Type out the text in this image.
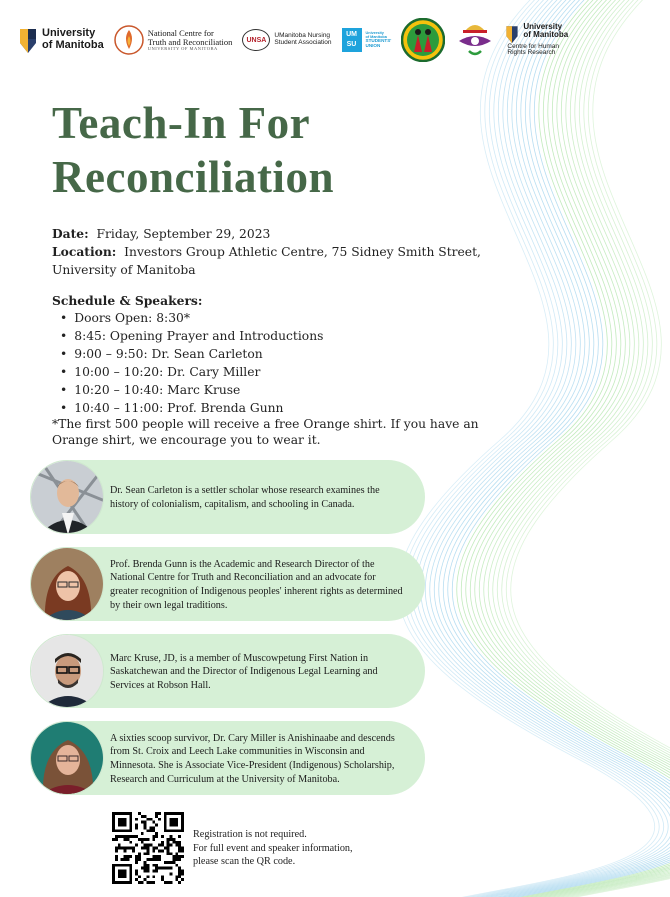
University
of Manitoba
National Centre for
Truth and Reconciliation
UNIVERSITY OF MANITOBA
UNSA
UManitoba Nursing
Student Association
UM
SU
University
of Manitoba
STUDENTS'
UNION
University
of Manitoba
Centre for Human
Rights Research
Teach-In For
Reconciliation
Date: Friday, September 29, 2023
Location: Investors Group Athletic Centre, 75 Sidney Smith Street, University of Manitoba
Schedule & Speakers:
• Doors Open: 8:30*
• 8:45: Opening Prayer and Introductions
• 9:00 – 9:50: Dr. Sean Carleton
• 10:00 – 10:20: Dr. Cary Miller
• 10:20 – 10:40: Marc Kruse
• 10:40 – 11:00: Prof. Brenda Gunn
*The first 500 people will receive a free Orange shirt. If you have an Orange shirt, we encourage you to wear it.
Dr. Sean Carleton is a settler scholar whose research examines the history of colonialism, capitalism, and schooling in Canada.
Prof. Brenda Gunn is the Academic and Research Director of the National Centre for Truth and Reconciliation and an advocate for greater recognition of Indigenous peoples' inherent rights as determined by their own legal traditions.
Marc Kruse, JD, is a member of Muscowpetung First Nation in Saskatchewan and the Director of Indigenous Legal Learning and Services at Robson Hall.
A sixties scoop survivor, Dr. Cary Miller is Anishinaabe and descends from St. Croix and Leech Lake communities in Wisconsin and Minnesota. She is Associate Vice-President (Indigenous) Scholarship, Research and Curriculum at the University of Manitoba.
Registration is not required.
For full event and speaker information,
please scan the QR code.
